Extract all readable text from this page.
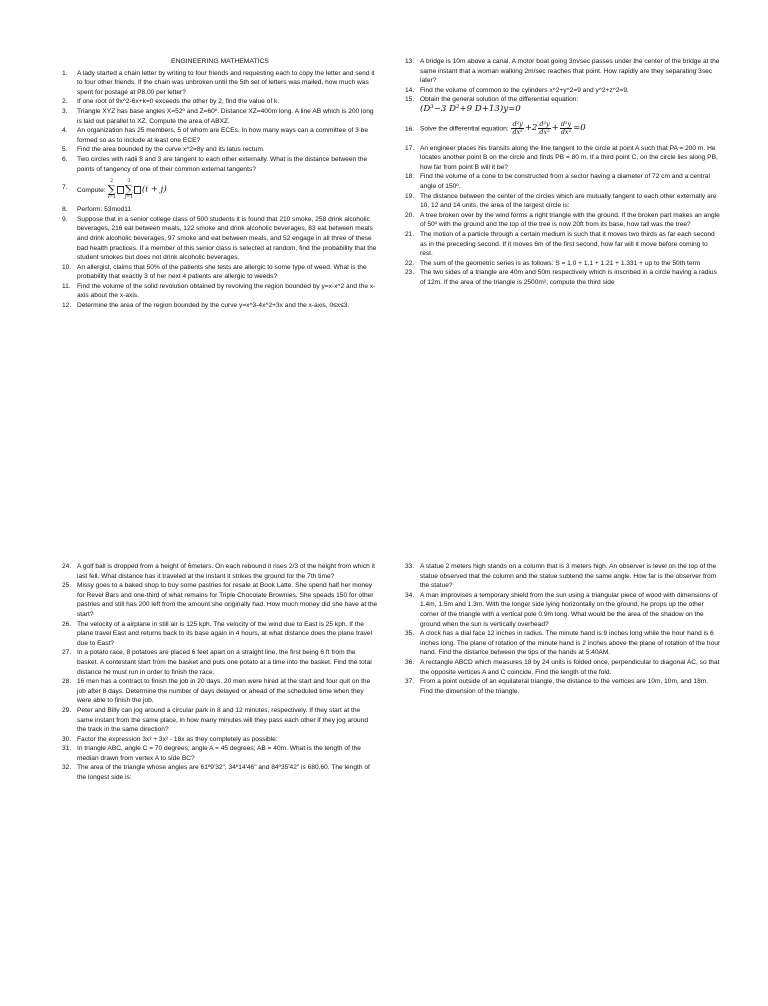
ENGINEERING MATHEMATICS
1. A lady started a chain letter by writing to four friends and requesting each to copy the letter and send it to four other friends. If the chain was unbroken until the 5th set of letters was mailed, how much was spent for postage at P8.00 per letter?
2. If one root of 9x^2-6x+k=0 exceeds the other by 2, find the value of k.
3. Triangle XYZ has base angles X=52º and Z=60º. Distance XZ=400m long. A line AB which is 200 long is laid out parallel to XZ. Compute the area of ABXZ.
4. An organization has 25 members, 5 of whom are ECEs. In how many ways can a committee of 3 be formed so as to include at least one ECE?
5. Find the area bounded by the curve x^2=8y and its latus rectum.
6. Two circles with radii 8 and 3 are tangent to each other externally. What is the distance between the points of tangency of one of their common external tangents?
7. Compute:
2
∑
i=1
3
∑
j=1
(i + j)
8. Perform: 53mod11
9. Suppose that in a senior college class of 500 students it is found that 210 smoke, 258 drink alcoholic beverages, 216 eat between meals, 122 smoke and drink alcoholic beverages, 83 eat between meals and drink alcoholic beverages, 97 smoke and eat between meals, and 52 engage in all three of these bad health practices. If a member of this senior class is selected at random, find the probability that the student smokes but does not drink alcoholic beverages.
10. An allergist, claims that 50% of the patients she tests are allergic to some type of weed. What is the probability that exactly 3 of her next 4 patients are allergic to weeds?
11. Find the volume of the solid revolution obtained by revolving the region bounded by y=x-x^2 and the x-axis about the x-axis.
12. Determine the area of the region bounded by the curve y=x^3-4x^2+3x and the x-axis, 0≤x≤3.
13. A bridge is 10m above a canal. A motor boat going 3m/sec passes under the center of the bridge at the same instant that a woman walking 2m/sec reaches that point. How rapidly are they separating 3sec later?
14. Find the volume of common to the cylinders x^2+y^2=9 and y^2+z^2=9.
15. Obtain the general solution of the differential equation:
(D³−3 D²+9 D+13)y=0
16. Solve the differential equation: $\frac{\text{d²y}}{\text{dx²}} +2 \frac{\text{d²y}}{\text{dx²}} + \frac{\text{d²y}}{\text{dx²}} =0$
17. An engineer places his transits along the line tangent to the circle at point A such that PA = 200 m. He locates another point B on the circle and finds PB = 80 m. If a third point C, on the circle lies along PB, how far from point B will it be?
18. Find the volume of a cone to be constructed from a sector having a diameter of 72 cm and a central angle of 150º.
19. The distance between the center of the circles which are mutually tangent to each other externally are 10, 12 and 14 units, the area of the largest circle is:
20. A tree broken over by the wind forms a right triangle with the ground. If the broken part makes an angle of 50º with the ground and the top of the tree is now 20ft from its base, how tall was the tree?
21. The motion of a particle through a certain medium is such that it moves two thirds as far each second as in the preceding second. If it moves 6m of the first second, how far will it move before coming to rest.
22. The sum of the geometric series is as follows: S = 1.0 + 1.1 + 1.21 + 1.331 + up to the 50th term
23. The two sides of a triangle are 40m and 50m respectively which is inscribed in a circle having a radius of 12m. If the area of the triangle is 2500m², compute the third side
24. A golf ball is dropped from a height of 6meters. On each rebound it rises 2/3 of the height from which it last fell. What distance has it traveled at the instant it strikes the ground for the 7th time?
25. Missy goes to a baked shop to buy some pastries for resale at Book Latte. She spend half her money for Revel Bars and one-third of what remains for Triple Chocolate Brownies. She speads 150 for other pastries and still has 200 left from the amount she originally had. How much money did she have at the start?
26. The velocity of a airplane in still air is 125 kph. The velocity of the wind due to East is 25 kph. If the plane travel East and returns back to its base again in 4 hours, at what distance does the plane travel due to East?
27. In a potato race, 8 potatoes are placed 6 feet apart on a straight line, the first being 6 ft from the basket. A contestant start from the basket and puts one potato at a time into the basket. Find the total distance he must run in order to finish the race.
28. 16 men has a contract to finish the job in 20 days. 20 men were hired at the start and four quit on the job after 8 days. Determine the number of days delayed or ahead of the scheduled time when they were able to finish the job.
29. Peter and Billy can jog around a circular park in 8 and 12 minutes, respectively. If they start at the same instant from the same place, in how many minutes will they pass each other if they jog around the track in the same direction?
30. Factor the expression 3x³ + 3x² - 18x as they completely as possible:
31. In triangle ABC, angle C = 70 degrees; angle A = 45 degrees; AB = 40m. What is the length of the median drawn from vertex A to side BC?
32. The area of the triangle whose angles are 61º9'32", 34º14'46" and 84º35'42" is 680.60. The length of the longest side is:
33. A statue 2 meters high stands on a column that is 3 meters high. An observer is level on the top of the statue observed that the column and the statue subtend the same angle. How far is the observer from the statue?
34. A man improvises a temporary shield from the sun using a triangular piece of wood with dimensions of 1.4m, 1.5m and 1.3m. With the longer side lying horizontally on the ground, he props up the other corner of the triangle with a vertical pole 0.9m long. What would be the area of the shadow on the ground when the sun is vertically overhead?
35. A clock has a dial face 12 inches in radius. The minute hand is 9 inches long while the hour hand is 6 inches long. The plane of rotation of the minute hand is 2 inches above the plane of rotation of the hour hand. Find the distance between the tips of the hands at 5:40AM.
36. A rectangle ABCD which measures 18 by 24 units is folded once, perpendicular to diagonal AC, so that the opposite vertices A and C coincide. Find the length of the fold.
37. From a point outside of an equilateral triangle, the distance to the vertices are 10m, 10m, and 18m. Find the dimension of the triangle.
